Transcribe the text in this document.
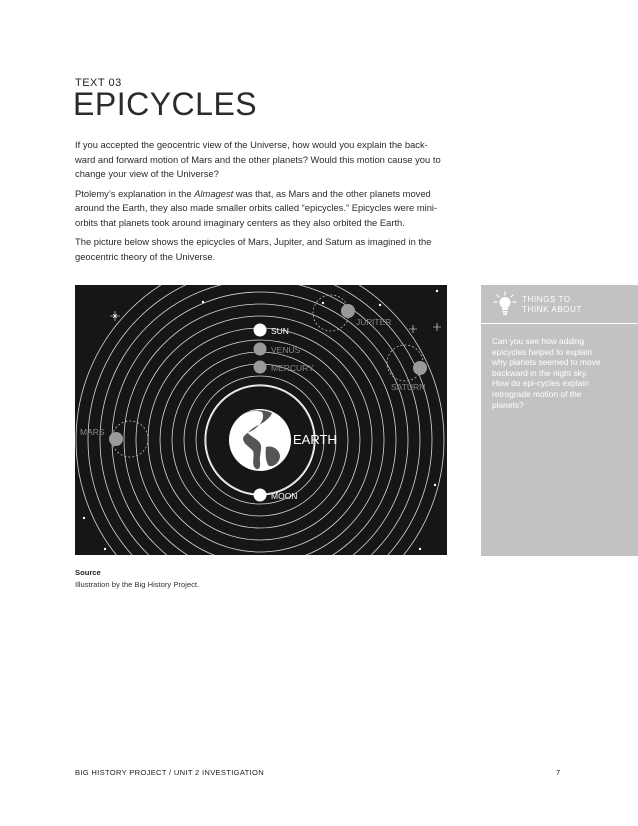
TEXT 03
EPICYCLES

If you accepted the geocentric view of the Universe, how would you explain the back-ward and forward motion of Mars and the other planets? Would this motion cause you to change your view of the Universe?

Ptolemy’s explanation in the Almagest was that, as Mars and the other planets moved around the Earth, they also made smaller orbits called “epicycles.” Epicycles were mini-orbits that planets took around imaginary centers as they also orbited the Earth.

The picture below shows the epicycles of Mars, Jupiter, and Saturn as imagined in the geocentric theory of the Universe.

EARTH
SUN
VENUS
MERCURY
MOON
MARS
JUPITER
SATURN
THINGS TO
THINK ABOUT
Can you see how adding epicycles helped to explain why planets seemed to move backward in the night sky. How do epi-cycles explain retrograde motion of the planets?
Source
Illustration by the Big History Project.
BIG HISTORY PROJECT / UNIT 2 INVESTIGATION	7
